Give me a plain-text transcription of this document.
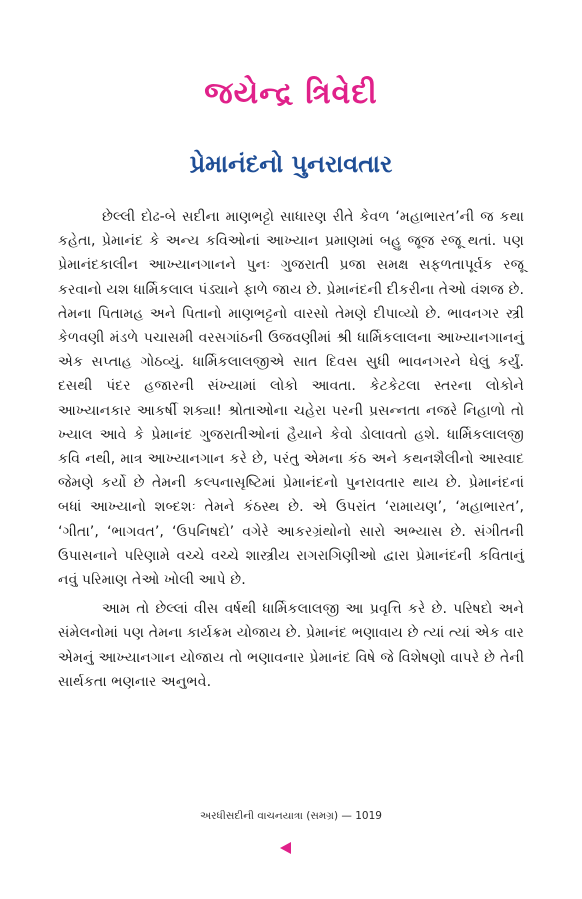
જયેન્દ્ર ત્રિવેદી
પ્રેમાનંદનો પુનરાવતાર

છેલ્લી દોઢ-બે સદીના માણભટ્ટો સાધારણ રીતે કેવળ ‘મહાભારત’ની જ કથા કહેતા, પ્રેમાનંદ કે અન્ય કવિઓનાં આખ્યાન પ્રમાણમાં બહુ જૂજ રજૂ થતાં. પણ પ્રેમાનંદકાલીન આખ્યાનગાનને પુનઃ ગુજરાતી પ્રજા સમક્ષ સફળતાપૂર્વક રજૂ કરવાનો યશ ધાર્મિકલાલ પંડ્યાને ફાળે જાય છે. પ્રેમાનંદની દીકરીના તેઓ વંશજ છે. તેમના પિતામહ અને પિતાનો માણભટ્ટનો વારસો તેમણે દીપાવ્યો છે. ભાવનગર સ્ત્રી કેળવણી મંડળે પચાસમી વરસગાંઠની ઉજવણીમાં શ્રી ધાર્મિકલાલના આખ્યાનગાનનું એક સપ્તાહ ગોઠવ્યું. ધાર્મિકલાલજીએ સાત દિવસ સુધી ભાવનગરને ઘેલું કર્યું. દસથી પંદર હજારની સંખ્યામાં લોકો આવતા. કેટકેટલા સ્તરના લોકોને આખ્યાનકાર આકર્ષી શક્યા! શ્રોતાઓના ચહેરા પરની પ્રસન્નતા નજરે નિહાળો તો ખ્યાલ આવે કે પ્રેમાનંદ ગુજરાતીઓનાં હૈયાને કેવો ડોલાવતો હશે. ધાર્મિકલાલજી કવિ નથી, માત્ર આખ્યાનગાન કરે છે, પરંતુ એમના કંઠ અને કથનશૈલીનો આસ્વાદ જેમણે કર્યો છે તેમની કલ્પનાસૃષ્ટિમાં પ્રેમાનંદનો પુનરાવતાર થાય છે. પ્રેમાનંદનાં બધાં આખ્યાનો શબ્દશઃ તેમને કંઠસ્થ છે. એ ઉપરાંત ‘રામાયણ’, ‘મહાભારત’, ‘ગીતા’, ‘ભાગવત’, ‘ઉપનિષદો’ વગેરે આકરગ્રંથોનો સારો અભ્યાસ છે. સંગીતની ઉપાસનાને પરિણામે વચ્ચે વચ્ચે શાસ્ત્રીય રાગરાગિણીઓ દ્વારા પ્રેમાનંદની કવિતાનું નવું પરિમાણ તેઓ ખોલી આપે છે.

આમ તો છેલ્લાં વીસ વર્ષથી ધાર્મિકલાલજી આ પ્રવૃત્તિ કરે છે. પરિષદો અને સંમેલનોમાં પણ તેમના કાર્યક્રમ યોજાય છે. પ્રેમાનંદ ભણાવાય છે ત્યાં ત્યાં એક વાર એમનું આખ્યાનગાન યોજાય તો ભણાવનાર પ્રેમાનંદ વિષે જે વિશેષણો વાપરે છે તેની સાર્થકતા ભણનાર અનુભવે.

અરધીસદીની વાચનયાત્રા (સમગ્ર) — 1019
